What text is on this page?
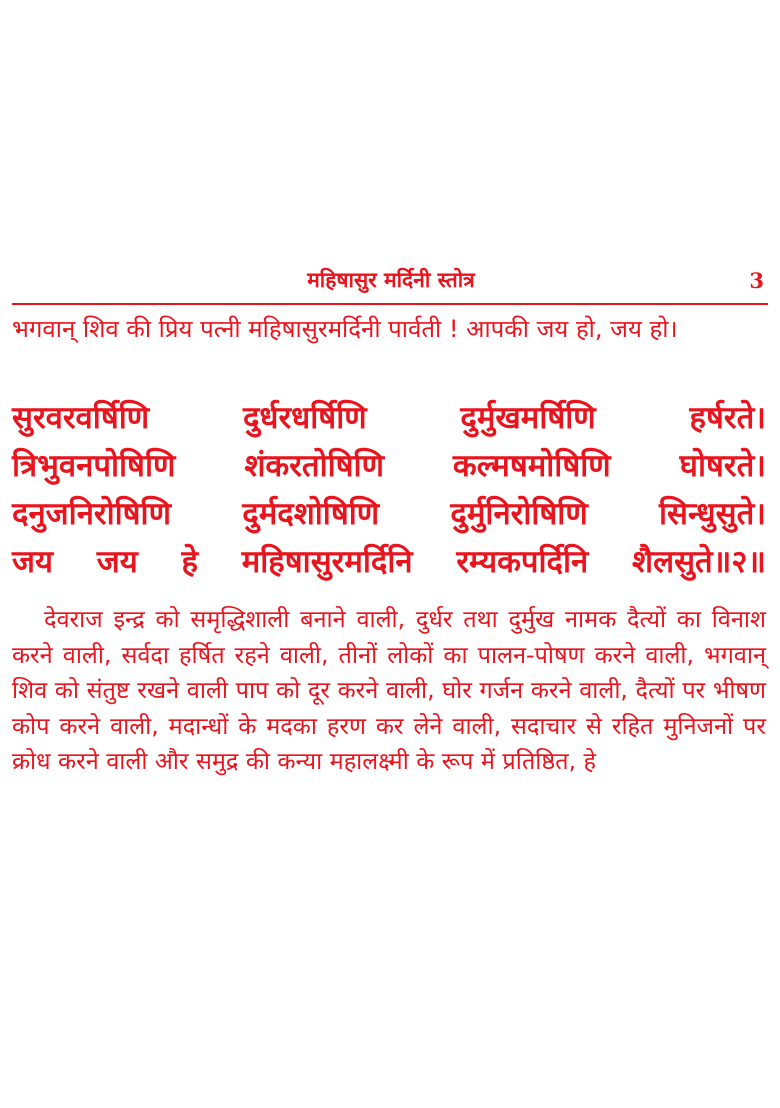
महिषासुर मर्दिनी स्तोत्र	3
भगवान् शिव की प्रिय पत्नी महिषासुरमर्दिनी पार्वती ! आपकी जय हो, जय हो।
सुरवरवर्षिणि दुर्धरधर्षिणि दुर्मुखमर्षिणि हर्षरते।
त्रिभुवनपोषिणि शंकरतोषिणि कल्मषमोषिणि घोषरते।
दनुजनिरोषिणि दुर्मदशोषिणि दुर्मुनिरोषिणि सिन्धुसुते।
जय जय हे महिषासुरमर्दिनि रम्यकपर्दिनि शैलसुते॥२॥
देवराज इन्द्र को समृद्धिशाली बनाने वाली, दुर्धर तथा दुर्मुख नामक दैत्यों का विनाश करने वाली, सर्वदा हर्षित रहने वाली, तीनों लोकों का पालन-पोषण करने वाली, भगवान् शिव को संतुष्ट रखने वाली पाप को दूर करने वाली, घोर गर्जन करने वाली, दैत्यों पर भीषण कोप करने वाली, मदान्धों के मदका हरण कर लेने वाली, सदाचार से रहित मुनिजनों पर क्रोध करने वाली और समुद्र की कन्या महालक्ष्मी के रूप में प्रतिष्ठित, हे
